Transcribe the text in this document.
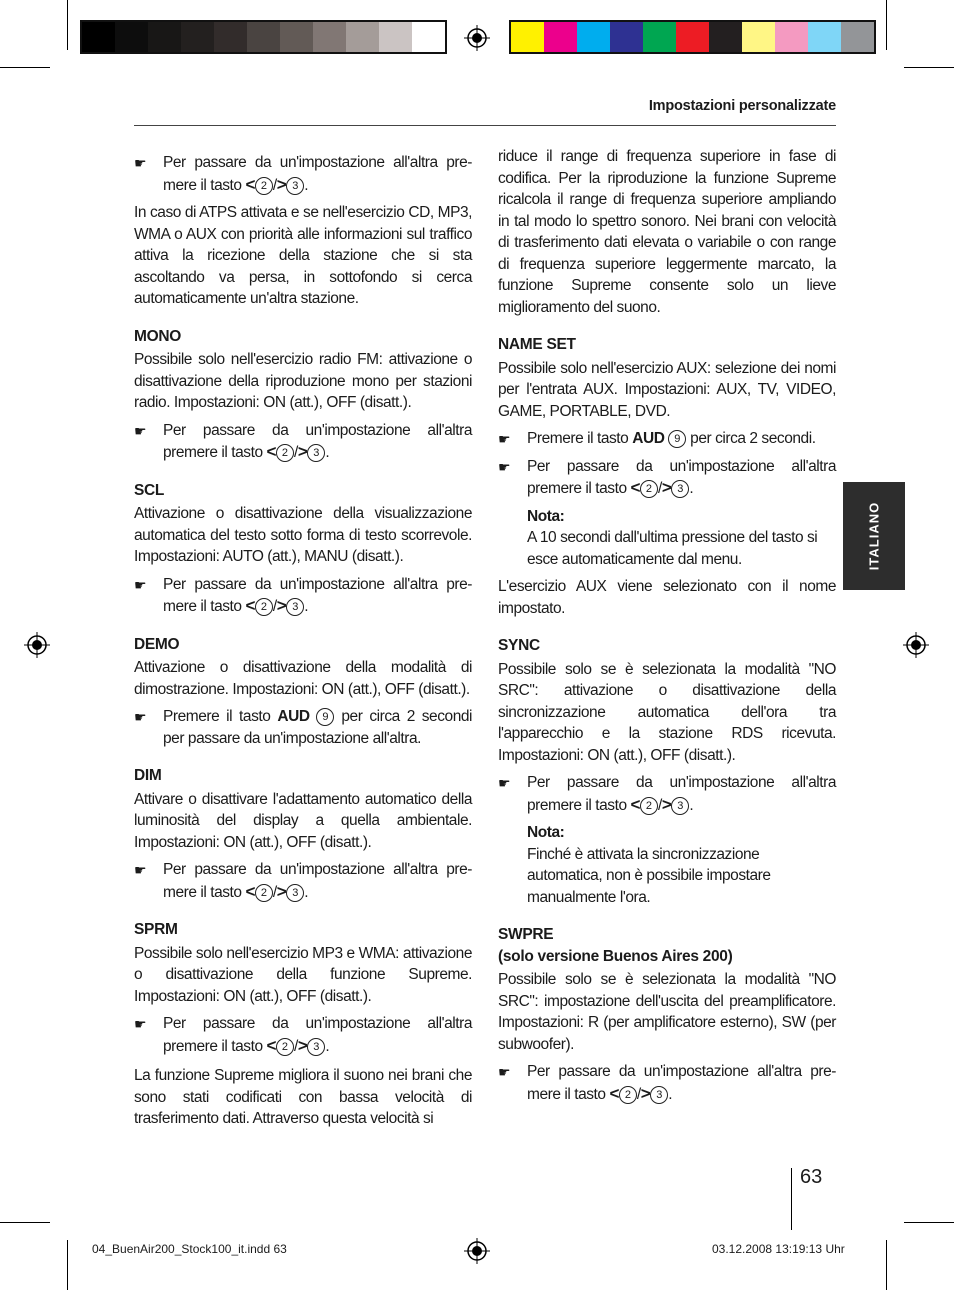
Impostazioni personalizzate
ITALIANO
☛ Per passare da un'impostazione all'altra pre- mere il tasto < 2 /> 3 .

In caso di ATPS attivata e se nell'esercizio CD, MP3, WMA o AUX con priorità alle informazioni sul traffico attiva la ricezione della stazione che si sta ascoltando va persa, in sottofondo si cerca automaticamente un'altra stazione.

MONO

Possibile solo nell'esercizio radio FM: attivazione o disattivazione della riproduzione mono per stazioni radio. Impostazioni: ON (att.), OFF (disatt.).

☛ Per passare da un'impostazione all'altra premere il tasto < 2 /> 3 .
SCL

Attivazione o disattivazione della visualizzazione automatica del testo sotto forma di testo scorrevole. Impostazioni: AUTO (att.), MANU (disatt.).

☛ Per passare da un'impostazione all'altra pre- mere il tasto < 2 /> 3 .
DEMO

Attivazione o disattivazione della modalità di dimostrazione. Impostazioni: ON (att.), OFF (disatt.).

☛ Premere il tasto AUD 9 per circa 2 secondi per passare da un'impostazione all'altra.
DIM

Attivare o disattivare l'adattamento automatico della luminosità del display a quella ambientale. Impostazioni: ON (att.), OFF (disatt.).

☛ Per passare da un'impostazione all'altra pre- mere il tasto < 2 /> 3 .
SPRM

Possibile solo nell'esercizio MP3 e WMA: attivazione o disattivazione della funzione Supreme. Impostazioni: ON (att.), OFF (disatt.).

☛ Per passare da un'impostazione all'altra premere il tasto < 2 /> 3 .

La funzione Supreme migliora il suono nei brani che sono stati codificati con bassa velocità di trasferimento dati. Attraverso questa velocità si

riduce il range di frequenza superiore in fase di codifica. Per la riproduzione la funzione Supreme ricalcola il range di frequenza superiore ampliando in tal modo lo spettro sonoro. Nei brani con velocità di trasferimento dati elevata o variabile o con range di frequenza superiore leggermente marcato, la funzione Supreme consente solo un lieve miglioramento del suono.

NAME SET

Possibile solo nell'esercizio AUX: selezione dei nomi per l'entrata AUX. Impostazioni: AUX, TV, VIDEO, GAME, PORTABLE, DVD.

☛ Premere il tasto AUD 9 per circa 2 secondi.
☛ Per passare da un'impostazione all'altra premere il tasto < 2 /> 3 .
Nota:
A 10 secondi dall'ultima pressione del tasto si esce automaticamente dal menu.

L'esercizio AUX viene selezionato con il nome impostato.

SYNC

Possibile solo se è selezionata la modalità "NO SRC": attivazione o disattivazione della sincronizzazione automatica dell'ora tra l'apparecchio e la stazione RDS ricevuta. Impostazioni: ON (att.), OFF (disatt.).

☛ Per passare da un'impostazione all'altra premere il tasto < 2 /> 3 .
Nota:
Finché è attivata la sincronizzazione automatica, non è possibile impostare manualmente l'ora.
SWPRE
(solo versione Buenos Aires 200)

Possibile solo se è selezionata la modalità "NO SRC": impostazione dell'uscita del preamplificatore. Impostazioni: R (per amplificatore esterno), SW (per subwoofer).

☛ Per passare da un'impostazione all'altra pre- mere il tasto < 2 /> 3 .
63
04_BuenAir200_Stock100_it.indd 63	03.12.2008 13:19:13 Uhr
